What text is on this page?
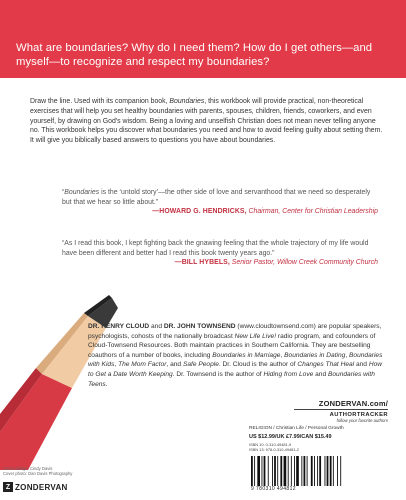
What are boundaries? Why do I need them? How do I get others—and myself—to recognize and respect my boundaries?
Draw the line. Used with its companion book, Boundaries, this workbook will provide practical, non-theoretical exercises that will help you set healthy boundaries with parents, spouses, children, friends, coworkers, and even yourself, by drawing on God's wisdom. Being a loving and unselfish Christian does not mean never telling anyone no. This workbook helps you discover what boundaries you need and how to avoid feeling guilty about setting them. It will give you biblically based answers to questions you have about boundaries.
“Boundaries is the ‘untold story’—the other side of love and servanthood that we need so desperately but that we hear so little about.”
—HOWARD G. HENDRICKS, Chairman, Center for Christian Leadership
“As I read this book, I kept fighting back the gnawing feeling that the whole trajectory of my life would have been different and better had I read this book twenty years ago.”
—BILL HYBELS, Senior Pastor, Willow Creek Community Church
DR. HENRY CLOUD and DR. JOHN TOWNSEND (www.cloudtownsend.com) are popular speakers, psychologists, cohosts of the nationally broadcast New Life Live! radio program, and cofounders of Cloud-Townsend Resources. Both maintain practices in Southern California. They are bestselling coauthors of a number of books, including Boundaries in Marriage, Boundaries in Dating, Boundaries with Kids, The Mom Factor, and Safe People. Dr. Cloud is the author of Changes That Heal and How to Get a Date Worth Keeping. Dr. Townsend is the author of Hiding from Love and Boundaries with Teens.
ZONDERVAN.com/
AUTHORTRACKER
follow your favorite authors
RELIGION / Christian Life / Personal Growth
US $12.99/UK £7.99/CAN $15.49
ISBN 10: 0-310-49481-9
ISBN 13: 978-0-310-49481-2
9 780310 494812
Cover design: Cindy Davis
Cover photo: Dan Davis Photography
Z ZONDERVAN
